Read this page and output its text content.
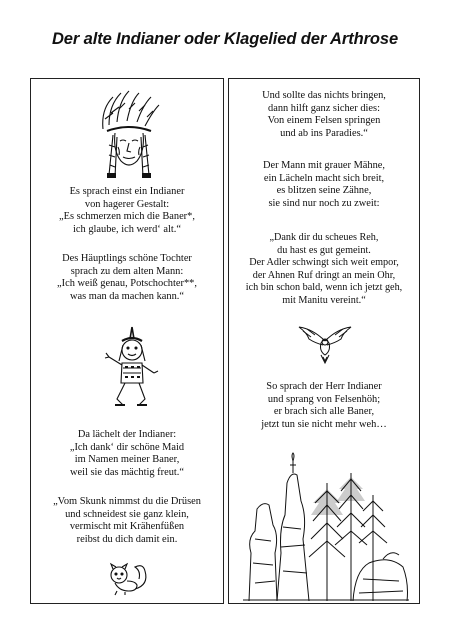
Der alte Indianer oder Klagelied der Arthrose
Es sprach einst ein Indianer
von hagerer Gestalt:
„Es schmerzen mich die Baner*,
ich glaube, ich werd‘ alt.“
Des Häuptlings schöne Tochter
sprach zu dem alten Mann:
„Ich weiß genau, Potschochter**,
was man da machen kann.“
Da lächelt der Indianer:
„Ich dank‘ dir schöne Maid
im Namen meiner Baner,
weil sie das mächtig freut.“
„Vom Skunk nimmst du die Drüsen
und schneidest sie ganz klein,
vermischt mit Krähenfüßen
reibst du dich damit ein.
Und sollte das nichts bringen,
dann hilft ganz sicher dies:
Von einem Felsen springen
und ab ins Paradies.“
Der Mann mit grauer Mähne,
ein Lächeln macht sich breit,
es blitzen seine Zähne,
sie sind nur noch zu zweit:
„Dank dir du scheues Reh,
du hast es gut gemeint.
Der Adler schwingt sich weit empor,
der Ahnen Ruf dringt an mein Ohr,
ich bin schon bald, wenn ich jetzt geh,
mit Manitu vereint.“
So sprach der Herr Indianer
und sprang von Felsenhöh;
er brach sich alle Baner,
jetzt tun sie nicht mehr weh…
